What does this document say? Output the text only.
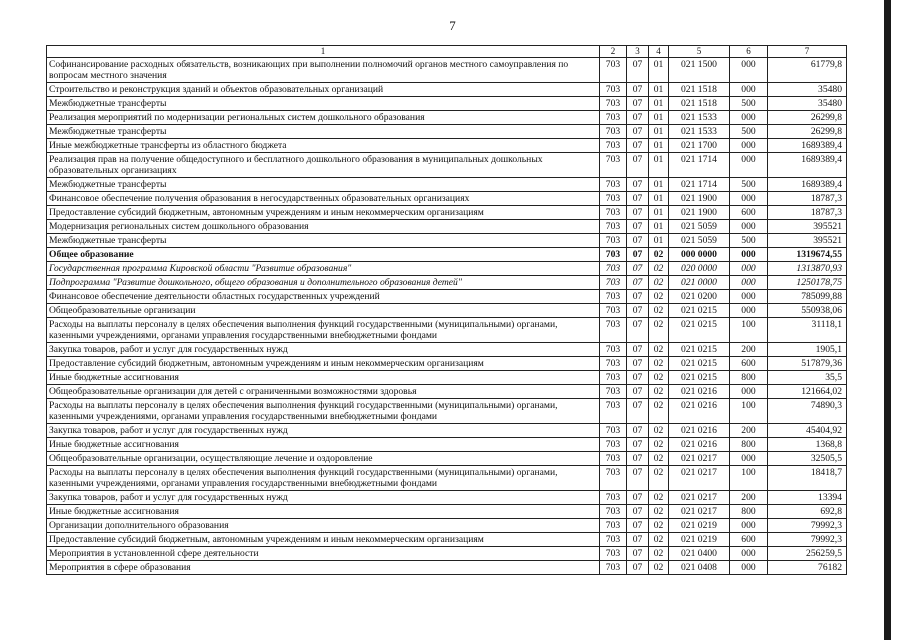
7
1	2	3	4	5	6	7
Софинансирование расходных обязательств, возникающих при выполнении полномочий органов местного самоуправления по вопросам местного значения	703	07	01	021 1500	000	61779,8
Строительство и реконструкция зданий и объектов образовательных организаций	703	07	01	021 1518	000	35480
Межбюджетные трансферты	703	07	01	021 1518	500	35480
Реализация мероприятий по модернизации региональных систем дошкольного образования	703	07	01	021 1533	000	26299,8
Межбюджетные трансферты	703	07	01	021 1533	500	26299,8
Иные межбюджетные трансферты из областного бюджета	703	07	01	021 1700	000	1689389,4
Реализация прав на получение общедоступного и бесплатного дошкольного образования в муниципальных дошкольных образовательных организациях	703	07	01	021 1714	000	1689389,4
Межбюджетные трансферты	703	07	01	021 1714	500	1689389,4
Финансовое обеспечение получения образования в негосударственных образовательных организациях	703	07	01	021 1900	000	18787,3
Предоставление субсидий бюджетным, автономным учреждениям и иным некоммерческим организациям	703	07	01	021 1900	600	18787,3
Модернизация региональных систем дошкольного образования	703	07	01	021 5059	000	395521
Межбюджетные трансферты	703	07	01	021 5059	500	395521
Общее образование	703	07	02	000 0000	000	1319674,55
Государственная программа Кировской области "Развитие образования"	703	07	02	020 0000	000	1313870,93
Подпрограмма "Развитие дошкольного, общего образования и дополнительного образования детей"	703	07	02	021 0000	000	1250178,75
Финансовое обеспечение деятельности областных государственных учреждений	703	07	02	021 0200	000	785099,88
Общеобразовательные организации	703	07	02	021 0215	000	550938,06
Расходы на выплаты персоналу в целях обеспечения выполнения функций государственными (муниципальными) органами, казенными учреждениями, органами управления государственными внебюджетными фондами	703	07	02	021 0215	100	31118,1
Закупка товаров, работ и услуг для государственных нужд	703	07	02	021 0215	200	1905,1
Предоставление субсидий бюджетным, автономным учреждениям и иным некоммерческим организациям	703	07	02	021 0215	600	517879,36
Иные бюджетные ассигнования	703	07	02	021 0215	800	35,5
Общеобразовательные организации для детей с ограниченными возможностями здоровья	703	07	02	021 0216	000	121664,02
Расходы на выплаты персоналу в целях обеспечения выполнения функций государственными (муниципальными) органами, казенными учреждениями, органами управления государственными внебюджетными фондами	703	07	02	021 0216	100	74890,3
Закупка товаров, работ и услуг для государственных нужд	703	07	02	021 0216	200	45404,92
Иные бюджетные ассигнования	703	07	02	021 0216	800	1368,8
Общеобразовательные организации, осуществляющие лечение и оздоровление	703	07	02	021 0217	000	32505,5
Расходы на выплаты персоналу в целях обеспечения выполнения функций государственными (муниципальными) органами, казенными учреждениями, органами управления государственными внебюджетными фондами	703	07	02	021 0217	100	18418,7
Закупка товаров, работ и услуг для государственных нужд	703	07	02	021 0217	200	13394
Иные бюджетные ассигнования	703	07	02	021 0217	800	692,8
Организации дополнительного образования	703	07	02	021 0219	000	79992,3
Предоставление субсидий бюджетным, автономным учреждениям и иным некоммерческим организациям	703	07	02	021 0219	600	79992,3
Мероприятия в установленной сфере деятельности	703	07	02	021 0400	000	256259,5
Мероприятия в сфере образования	703	07	02	021 0408	000	76182
